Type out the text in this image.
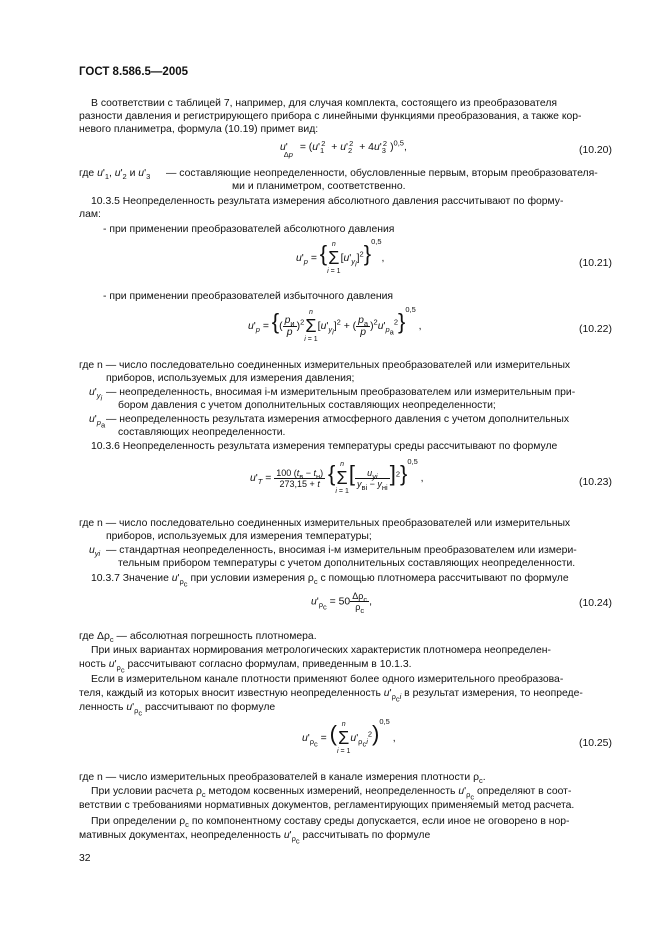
ГОСТ 8.586.5—2005
В соответствии с таблицей 7, например, для случая комплекта, состоящего из преобразователя
разности давления и регистрирующего прибора с линейными функциями преобразования, а также кор-
невого планиметра, формула (10.19) примет вид:
$u'_{\Delta p} = (u'_1^2 + u'_2^2 + 4u'_3^2$ )$^{0,5}$,	(10.20)
где $u'_1$, $u'_2$ и $u'_3$ — составляющие неопределенности, обусловленные первым, вторым преобразователя-
ми и планиметром, соответственно.
10.3.5 Неопределенность результата измерения абсолютного давления рассчитывают по форму-
лам:
- при применении преобразователей абсолютного давления
$u'_p$ = { n
Σ
i = 1
$[u'_{y_i}]^2\}^{0,5}$,	(10.21)
- при применении преобразователей избыточного давления
$u'_p$ = {( $\frac{p_и}{p} )^2$
n
Σ
i = 1
$[u'_{y_i}]^2$ + ( $\frac{p_а}{p} )^2u'_{p_а}^2\}^{0,5}$ ,	(10.22)
где n — число последовательно соединенных измерительных преобразователей или измерительных
приборов, используемых для измерения давления;
$u'_{y_i}$
— неопределенность, вносимая i-м измерительным преобразователем или измерительным при-
бором давления с учетом дополнительных составляющих неопределенности;
$u'_{p_а}$
— неопределенность результата измерения атмосферного давления с учетом дополнительных
составляющих неопределенности.
10.3.6 Неопределенность результата измерения температуры среды рассчитывают по формуле
$u'_T = \frac{100 (t_в - t_н)}{273,15 + t}$ { n
Σ
i = 1
[ $\frac{u_{yi}}{y_{вi} - y_{нi}} ]^2\}^{0,5}$ ,	(10.23)
где n — число последовательно соединенных измерительных преобразователей или измерительных
приборов, используемых для измерения температуры;
$u_{yi}$ — стандартная неопределенность, вносимая i-м измерительным преобразователем или измери-
тельным прибором температуры с учетом дополнительных составляющих неопределенности.
10.3.7 Значение $u'_{\rho_с}$ при условии измерения $\rho_с$ с помощью плотномера рассчитывают по формуле
$u'_{\rho_с} = 50 \frac{\Delta\rho_с}{\rho_с}$ ,	(10.24)
где $\Delta\rho_с$ — абсолютная погрешность плотномера.
При иных вариантах нормирования метрологических характеристик плотномера неопределен-
ность $u'_{\rho_с}$ рассчитывают согласно формулам, приведенным в 10.1.3.
Если в измерительном канале плотности применяют более одного измерительного преобразова-
теля, каждый из которых вносит известную неопределенность $u'_{\rho_сi}$ в результат измерения, то неопреде-
ленность $u'_{\rho_с}$ рассчитывают по формуле
$u'_{\rho_с}$ = ( n
Σ
i = 1
$u'_{\rho_сi}^2)^{0,5}$ ,	(10.25)
где n — число измерительных преобразователей в канале измерения плотности $\rho_с$.
При условии расчета $\rho_с$ методом косвенных измерений, неопределенность $u'_{\rho_с}$ определяют в соот-
ветствии с требованиями нормативных документов, регламентирующих применяемый метод расчета.
При определении $\rho_с$ по компонентному составу среды допускается, если иное не оговорено в нор-
мативных документах, неопределенность $u'_{\rho_с}$ рассчитывать по формуле
32
